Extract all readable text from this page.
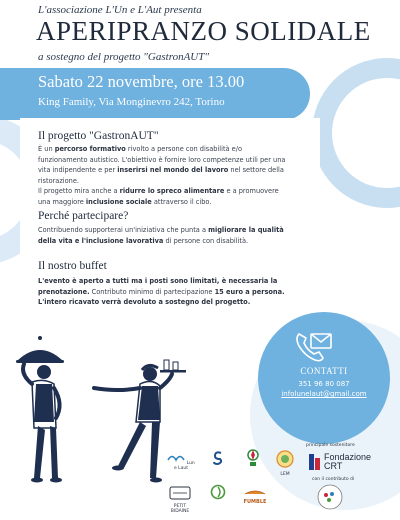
L'associazione L'Un e L'Aut presenta
APERIPRANZO SOLIDALE
a sostegno del progetto "GastronAUT"
Sabato 22 novembre, ore 13.00
King Family, Via Monginevro 242, Torino
Il progetto "GastronAUT"
È un percorso formativo rivolto a persone con disabilità e/o funzionamento autistico. L'obiettivo è fornire loro competenze utili per una vita indipendente e per inserirsi nel mondo del lavoro nel settore della ristorazione.
Il progetto mira anche a ridurre lo spreco alimentare e a promuovere una maggiore inclusione sociale attraverso il cibo.
Perché partecipare?
Contribuendo supporterai un'iniziativa che punta a migliorare la qualità della vita e l'inclusione lavorativa di persone con disabilità.
Il nostro buffet
L'evento è aperto a tutti ma i posti sono limitati, è necessaria la prenotazione. Contributo minimo di partecipazione 15 euro a persona.
L'intero ricavato verrà devoluto a sostegno del progetto.
CONTATTI
351 96 80 087
infolunelaut@gmail.com
Lun e Laut
LEM
principale sostenitore
Fondazione
CRT
con il contributo di
PETIT BIDAINE
FUMBLE
